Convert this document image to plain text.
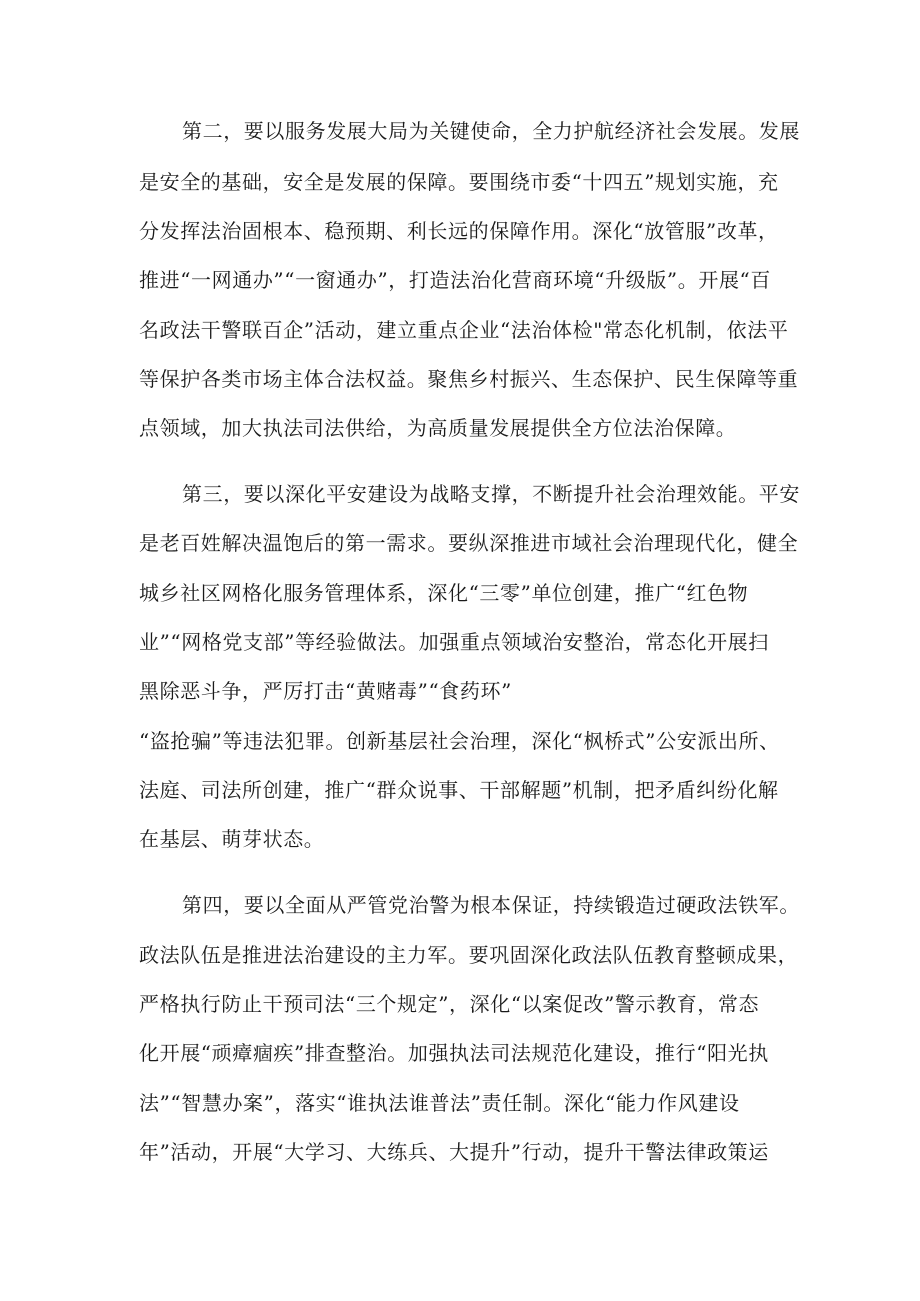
第二，要以服务发展大局为关键使命，全力护航经济社会发展。发展

是安全的基础，安全是发展的保障。要围绕市委“十四五”规划实施，充

分发挥法治固根本、稳预期、利长远的保障作用。深化“放管服”改革，

推进“一网通办”“一窗通办”，打造法治化营商环境“升级版”。开展“百

名政法干警联百企”活动，建立重点企业“法治体检"常态化机制，依法平

等保护各类市场主体合法权益。聚焦乡村振兴、生态保护、民生保障等重

点领域，加大执法司法供给，为高质量发展提供全方位法治保障。

第三，要以深化平安建设为战略支撑，不断提升社会治理效能。平安

是老百姓解决温饱后的第一需求。要纵深推进市域社会治理现代化，健全

城乡社区网格化服务管理体系，深化“三零”单位创建，推广“红色物

业”“网格党支部”等经验做法。加强重点领域治安整治，常态化开展扫

黑除恶斗争，严厉打击“黄赌毒”“食药环”

“盗抢骗”等违法犯罪。创新基层社会治理，深化“枫桥式”公安派出所、

法庭、司法所创建，推广“群众说事、干部解题”机制，把矛盾纠纷化解

在基层、萌芽状态。

第四，要以全面从严管党治警为根本保证，持续锻造过硬政法铁军。

政法队伍是推进法治建设的主力军。要巩固深化政法队伍教育整顿成果，

严格执行防止干预司法“三个规定”，深化“以案促改”警示教育，常态

化开展“顽瘴痼疾”排查整治。加强执法司法规范化建设，推行“阳光执

法”“智慧办案”，落实“谁执法谁普法”责任制。深化“能力作风建设

年”活动，开展“大学习、大练兵、大提升”行动，提升干警法律政策运
